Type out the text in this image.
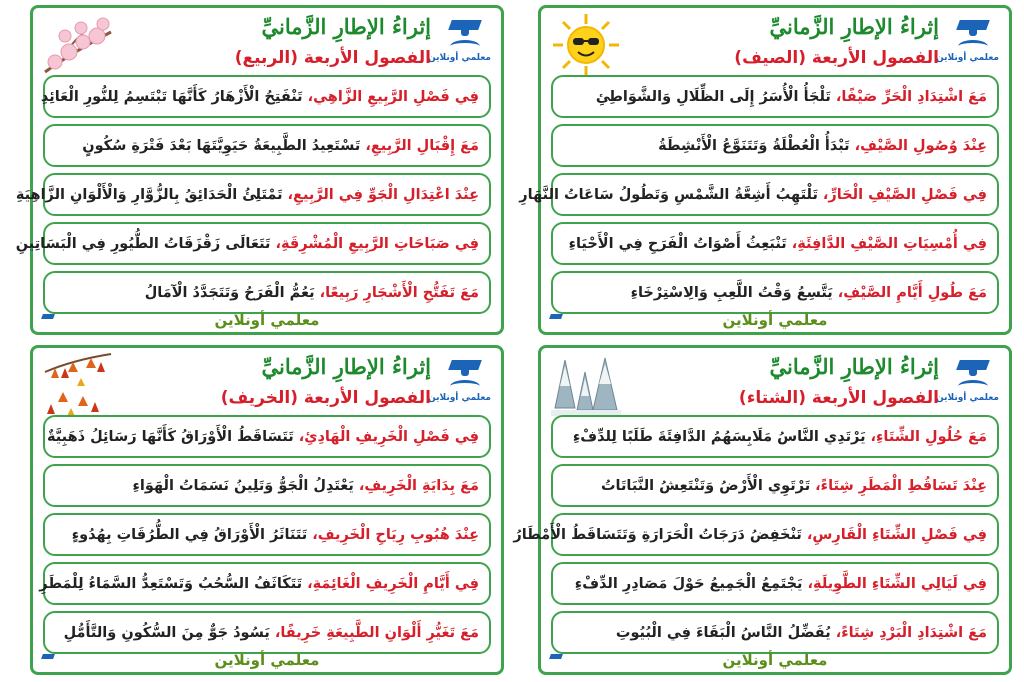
معلمي أونلاين
إثراءُ الإطارِ الزَّمانيِّ
الفصول الأربعة (الصيف)
مَعَ اشْتِدَادِ الْحَرِّ صَيْفًا،
تَلْجَأُ الْأُسَرُ إِلَى الظِّلَالِ وَالشَّوَاطِئِ
عِنْدَ وُصُولِ الصَّيْفِ،
تَبْدَأُ الْعُطْلَةُ وَتَتَنَوَّعُ الْأَنْشِطَةُ
فِي فَصْلِ الصَّيْفِ الْحَارِّ،
تَلْتَهِبُ أَشِعَّةُ الشَّمْسِ وَتَطُولُ سَاعَاتُ النَّهَارِ
فِي أُمْسِيَاتِ الصَّيْفِ الدَّافِئَةِ،
تَنْبَعِثُ أَصْوَاتُ الْفَرَحِ فِي الْأَحْيَاءِ
مَعَ طُولِ أَيَّامِ الصَّيْفِ،
يَتَّسِعُ وَقْتُ اللَّعِبِ وَالِاسْتِرْخَاءِ
معلمي أونلاين
معلمي أونلاين
إثراءُ الإطارِ الزَّمانيِّ
الفصول الأربعة (الربيع)
فِي فَصْلِ الرَّبِيعِ الزَّاهِي،
تَنْفَتِحُ الْأَزْهَارُ كَأَنَّهَا تَبْتَسِمُ لِلنُّورِ الْعَائِدِ
مَعَ إِقْبَالِ الرَّبِيعِ،
تَسْتَعِيدُ الطَّبِيعَةُ حَيَوِيَّتَهَا بَعْدَ فَتْرَةِ سُكُونٍ
عِنْدَ اعْتِدَالِ الْجَوِّ فِي الرَّبِيعِ،
تَمْتَلِئُ الْحَدَائِقُ بِالزُّوَّارِ وَالْأَلْوَانِ الزَّاهِيَةِ
فِي صَبَاحَاتِ الرَّبِيعِ الْمُشْرِقَةِ،
تَتَعَالَى زَقْزَقَاتُ الطُّيُورِ فِي الْبَسَاتِينِ
مَعَ تَفَتُّحِ الْأَشْجَارِ رَبِيعًا،
يَعُمُّ الْفَرَحُ وَتَتَجَدَّدُ الْآمَالُ
معلمي أونلاين
معلمي أونلاين
إثراءُ الإطارِ الزَّمانيِّ
الفصول الأربعة (الشتاء)
مَعَ حُلُولِ الشِّتَاءِ،
يَرْتَدِي النَّاسُ مَلَابِسَهُمُ الدَّافِئَةَ طَلَبًا لِلدِّفْءِ
عِنْدَ تَسَاقُطِ الْمَطَرِ شِتَاءً،
تَرْتَوِي الْأَرْضُ وَتَنْتَعِشُ النَّبَاتَاتُ
فِي فَصْلِ الشِّتَاءِ الْقَارِسِ،
تَنْخَفِضُ دَرَجَاتُ الْحَرَارَةِ وَتَتَسَاقَطُ الْأَمْطَارُ
فِي لَيَالِي الشِّتَاءِ الطَّوِيلَةِ،
يَجْتَمِعُ الْجَمِيعُ حَوْلَ مَصَادِرِ الدِّفْءِ
مَعَ اشْتِدَادِ الْبَرْدِ شِتَاءً،
يُفَضِّلُ النَّاسُ الْبَقَاءَ فِي الْبُيُوتِ
معلمي أونلاين
معلمي أونلاين
إثراءُ الإطارِ الزَّمانيِّ
الفصول الأربعة (الخريف)
فِي فَصْلِ الْخَرِيفِ الْهَادِئِ،
تَتَسَاقَطُ الْأَوْرَاقُ كَأَنَّهَا رَسَائِلُ ذَهَبِيَّةٌ
مَعَ بِدَايَةِ الْخَرِيفِ،
يَعْتَدِلُ الْجَوُّ وَتَلِينُ نَسَمَاتُ الْهَوَاءِ
عِنْدَ هُبُوبِ رِيَاحِ الْخَرِيفِ،
تَتَنَاثَرُ الْأَوْرَاقُ فِي الطُّرُقَاتِ بِهُدُوءٍ
فِي أَيَّامِ الْخَرِيفِ الْغَائِمَةِ،
تَتَكَاثَفُ السُّحُبُ وَتَسْتَعِدُّ السَّمَاءُ لِلْمَطَرِ
مَعَ تَغَيُّرِ أَلْوَانِ الطَّبِيعَةِ خَرِيفًا،
يَسُودُ جَوٌّ مِنَ السُّكُونِ وَالتَّأَمُّلِ
معلمي أونلاين
